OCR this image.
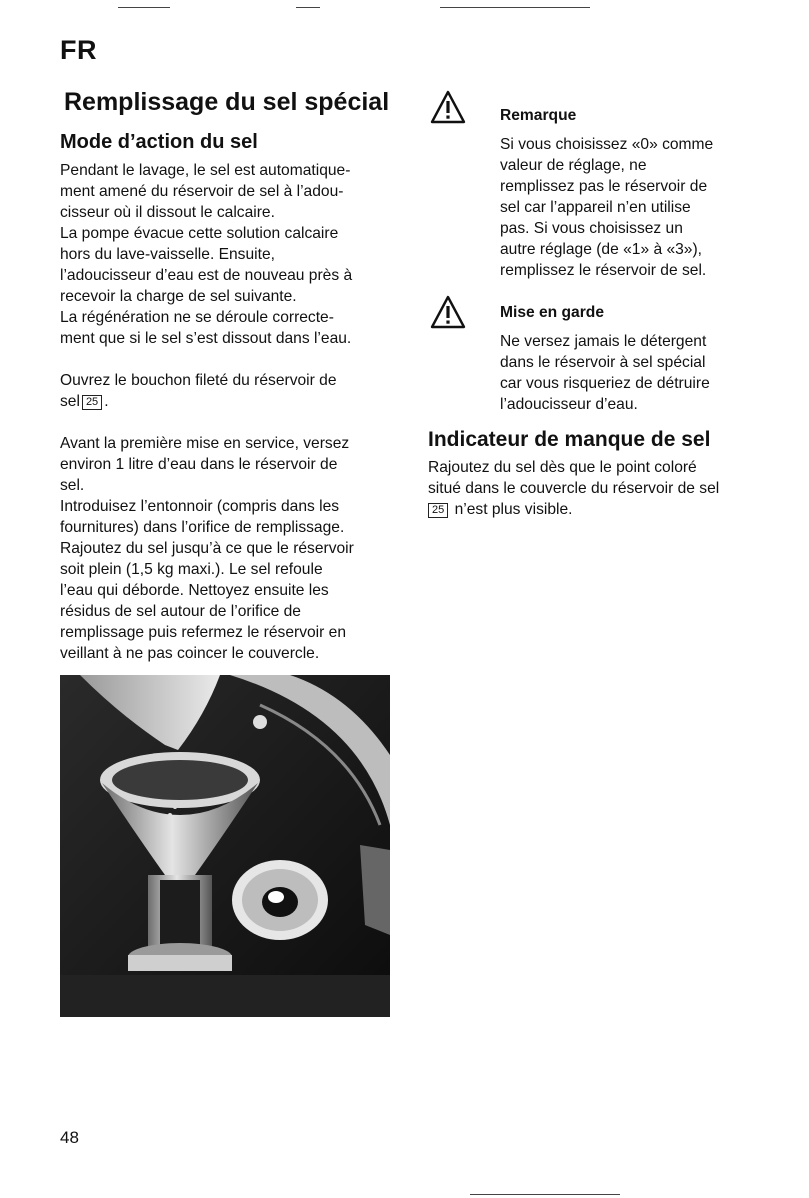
FR
Remplissage du sel spécial
Mode d’action du sel

Pendant le lavage, le sel est automatique-

ment amené du réservoir de sel à l’adou-

cisseur où il dissout le calcaire.

La pompe évacue cette solution calcaire

hors du lave-vaisselle. Ensuite,

l’adoucisseur d’eau est de nouveau près à

recevoir la charge de sel suivante.

La régénération ne se déroule correcte-

ment que si le sel s’est dissout dans l’eau.

Ouvrez le bouchon fileté du réservoir de

sel 25 .

Avant la première mise en service, versez

environ 1 litre d’eau dans le réservoir de

sel.

Introduisez l’entonnoir (compris dans les

fournitures) dans l’orifice de remplissage.

Rajoutez du sel jusqu’à ce que le réservoir

soit plein (1,5 kg maxi.). Le sel refoule

l’eau qui déborde. Nettoyez ensuite les

résidus de sel autour de l’orifice de

remplissage puis refermez le réservoir en

veillant à ne pas coincer le couvercle.

Remarque

Si vous choisissez «0» comme

valeur de réglage, ne

remplissez pas le réservoir de

sel car l’appareil n’en utilise

pas. Si vous choisissez un

autre réglage (de «1» à «3»),

remplissez le réservoir de sel.

Mise en garde

Ne versez jamais le détergent

dans le réservoir à sel spécial

car vous risqueriez de détruire

l’adoucisseur d’eau.

Indicateur de manque de sel

Rajoutez du sel dès que le point coloré

situé dans le couvercle du réservoir de sel

25 n’est plus visible.

48
